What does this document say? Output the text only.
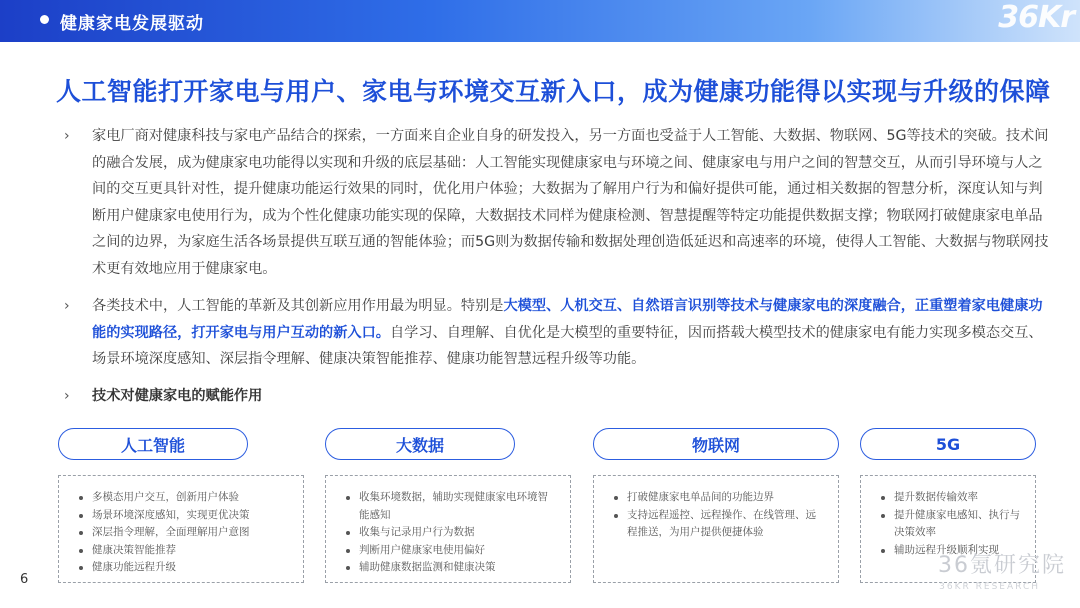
健康家电发展驱动	36Kr
人工智能打开家电与用户、家电与环境交互新入口，成为健康功能得以实现与升级的保障
› 家电厂商对健康科技与家电产品结合的探索，一方面来自企业自身的研发投入，另一方面也受益于人工智能、大数据、物联网、5G等技术的突破。技术间的融合发展，成为健康家电功能得以实现和升级的底层基础：人工智能实现健康家电与环境之间、健康家电与用户之间的智慧交互，从而引导环境与人之间的交互更具针对性，提升健康功能运行效果的同时，优化用户体验；大数据为了解用户行为和偏好提供可能，通过相关数据的智慧分析，深度认知与判断用户健康家电使用行为，成为个性化健康功能实现的保障，大数据技术同样为健康检测、智慧提醒等特定功能提供数据支撑；物联网打破健康家电单品之间的边界，为家庭生活各场景提供互联互通的智能体验；而5G则为数据传输和数据处理创造低延迟和高速率的环境，使得人工智能、大数据与物联网技术更有效地应用于健康家电。
› 各类技术中，人工智能的革新及其创新应用作用最为明显。特别是大模型、人机交互、自然语言识别等技术与健康家电的深度融合，正重塑着家电健康功能的实现路径，打开家电与用户互动的新入口。自学习、自理解、自优化是大模型的重要特征，因而搭载大模型技术的健康家电有能力实现多模态交互、场景环境深度感知、深层指令理解、健康决策智能推荐、健康功能智慧远程升级等功能。
› 技术对健康家电的赋能作用
人工智能	大数据	物联网	5G
多模态用户交互，创新用户体验
场景环境深度感知，实现更优决策
深层指令理解，全面理解用户意图
健康决策智能推荐
健康功能远程升级
收集环境数据，辅助实现健康家电环境智能感知
收集与记录用户行为数据
判断用户健康家电使用偏好
辅助健康数据监测和健康决策
打破健康家电单品间的功能边界
支持远程遥控、远程操作、在线管理、远程推送，为用户提供便捷体验
提升数据传输效率
提升健康家电感知、执行与决策效率
辅助远程升级顺利实现
6
36氪研究院
36KR RESEARCH
